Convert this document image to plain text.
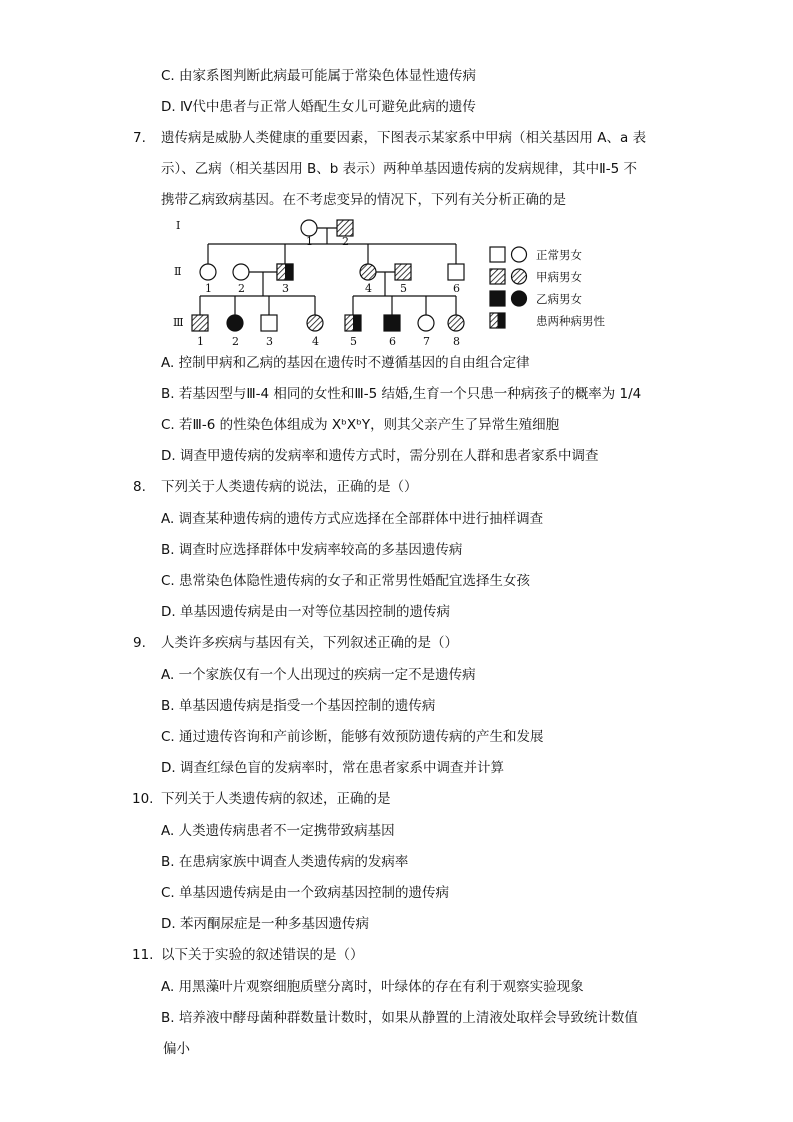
C. 由家系图判断此病最可能属于常染色体显性遗传病
D. Ⅳ代中患者与正常人婚配生女儿可避免此病的遗传
7. 遗传病是威胁人类健康的重要因素，下图表示某家系中甲病（相关基因用 A、a 表
示）、乙病（相关基因用 B、b 表示）两种单基因遗传病的发病规律，其中Ⅱ-5 不
携带乙病致病基因。在不考虑变异的情况下，下列有关分析正确的是
Ⅰ
Ⅱ
Ⅲ
1	2
1 2	3	4	5	6
1	2 3	4	5	6 7 8
正常男女
甲病男女
乙病男女
患两种病男性
A. 控制甲病和乙病的基因在遗传时不遵循基因的自由组合定律
B. 若基因型与Ⅲ-4 相同的女性和Ⅲ-5 结婚,生育一个只患一种病孩子的概率为 1/4
C. 若Ⅲ-6 的性染色体组成为 XᵇXᵇY，则其父亲产生了异常生殖细胞
D. 调查甲遗传病的发病率和遗传方式时，需分别在人群和患者家系中调查
8. 下列关于人类遗传病的说法，正确的是（）
A. 调查某种遗传病的遗传方式应选择在全部群体中进行抽样调查
B. 调查时应选择群体中发病率较高的多基因遗传病
C. 患常染色体隐性遗传病的女子和正常男性婚配宜选择生女孩
D. 单基因遗传病是由一对等位基因控制的遗传病
9. 人类许多疾病与基因有关，下列叙述正确的是（）
A. 一个家族仅有一个人出现过的疾病一定不是遗传病
B. 单基因遗传病是指受一个基因控制的遗传病
C. 通过遗传咨询和产前诊断，能够有效预防遗传病的产生和发展
D. 调查红绿色盲的发病率时，常在患者家系中调查并计算
10. 下列关于人类遗传病的叙述，正确的是
A. 人类遗传病患者不一定携带致病基因
B. 在患病家族中调查人类遗传病的发病率
C. 单基因遗传病是由一个致病基因控制的遗传病
D. 苯丙酮尿症是一种多基因遗传病
11. 以下关于实验的叙述错误的是（）
A. 用黑藻叶片观察细胞质壁分离时，叶绿体的存在有利于观察实验现象
B. 培养液中酵母菌种群数量计数时，如果从静置的上清液处取样会导致统计数值
偏小
